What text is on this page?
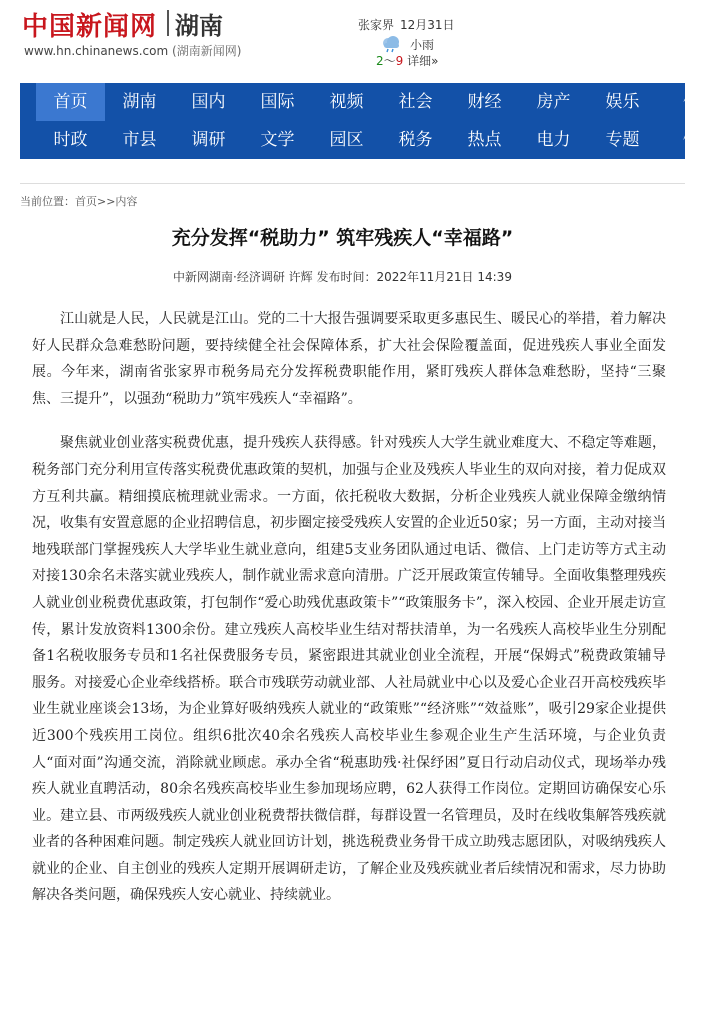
中国新闻网 湖南
www.hn.chinanews.com (湖南新闻网)
张家界 12月31日
小雨
2～9 详细»
首页	湖南	国内	国际	视频	社会	财经	房产	娱乐	体
时政	市县	调研	文学	园区	税务	热点	电力	专题	健
当前位置：首页>>内容
充分发挥“税助力” 筑牢残疾人“幸福路”
中新网湖南·经济调研 许辉 发布时间：2022年11月21日 14:39

江山就是人民，人民就是江山。党的二十大报告强调要采取更多惠民生、暖民心的举措，着力解决好人民群众急难愁盼问题，要持续健全社会保障体系，扩大社会保险覆盖面，促进残疾人事业全面发展。今年来，湖南省张家界市税务局充分发挥税费职能作用，紧盯残疾人群体急难愁盼，坚持“三聚焦、三提升”，以强劲“税助力”筑牢残疾人“幸福路”。

聚焦就业创业落实税费优惠，提升残疾人获得感。针对残疾人大学生就业难度大、不稳定等难题，税务部门充分利用宣传落实税费优惠政策的契机，加强与企业及残疾人毕业生的双向对接，着力促成双方互利共赢。精细摸底梳理就业需求。一方面，依托税收大数据，分析企业残疾人就业保障金缴纳情况，收集有安置意愿的企业招聘信息，初步圈定接受残疾人安置的企业近50家；另一方面，主动对接当地残联部门掌握残疾人大学毕业生就业意向，组建5支业务团队通过电话、微信、上门走访等方式主动对接130余名未落实就业残疾人，制作就业需求意向清册。广泛开展政策宣传辅导。全面收集整理残疾人就业创业税费优惠政策，打包制作“爱心助残优惠政策卡”“政策服务卡”，深入校园、企业开展走访宣传，累计发放资料1300余份。建立残疾人高校毕业生结对帮扶清单，为一名残疾人高校毕业生分别配备1名税收服务专员和1名社保费服务专员，紧密跟进其就业创业全流程，开展“保姆式”税费政策辅导服务。对接爱心企业牵线搭桥。联合市残联劳动就业部、人社局就业中心以及爱心企业召开高校残疾毕业生就业座谈会13场，为企业算好吸纳残疾人就业的“政策账”“经济账”“效益账”，吸引29家企业提供近300个残疾用工岗位。组织6批次40余名残疾人高校毕业生参观企业生产生活环境，与企业负责人“面对面”沟通交流，消除就业顾虑。承办全省“税惠助残·社保纾困”夏日行动启动仪式，现场举办残疾人就业直聘活动，80余名残疾高校毕业生参加现场应聘，62人获得工作岗位。定期回访确保安心乐业。建立县、市两级残疾人就业创业税费帮扶微信群，每群设置一名管理员，及时在线收集解答残疾就业者的各种困难问题。制定残疾人就业回访计划，挑选税费业务骨干成立助残志愿团队，对吸纳残疾人就业的企业、自主创业的残疾人定期开展调研走访，了解企业及残疾就业者后续情况和需求，尽力协助解决各类问题，确保残疾人安心就业、持续就业。
